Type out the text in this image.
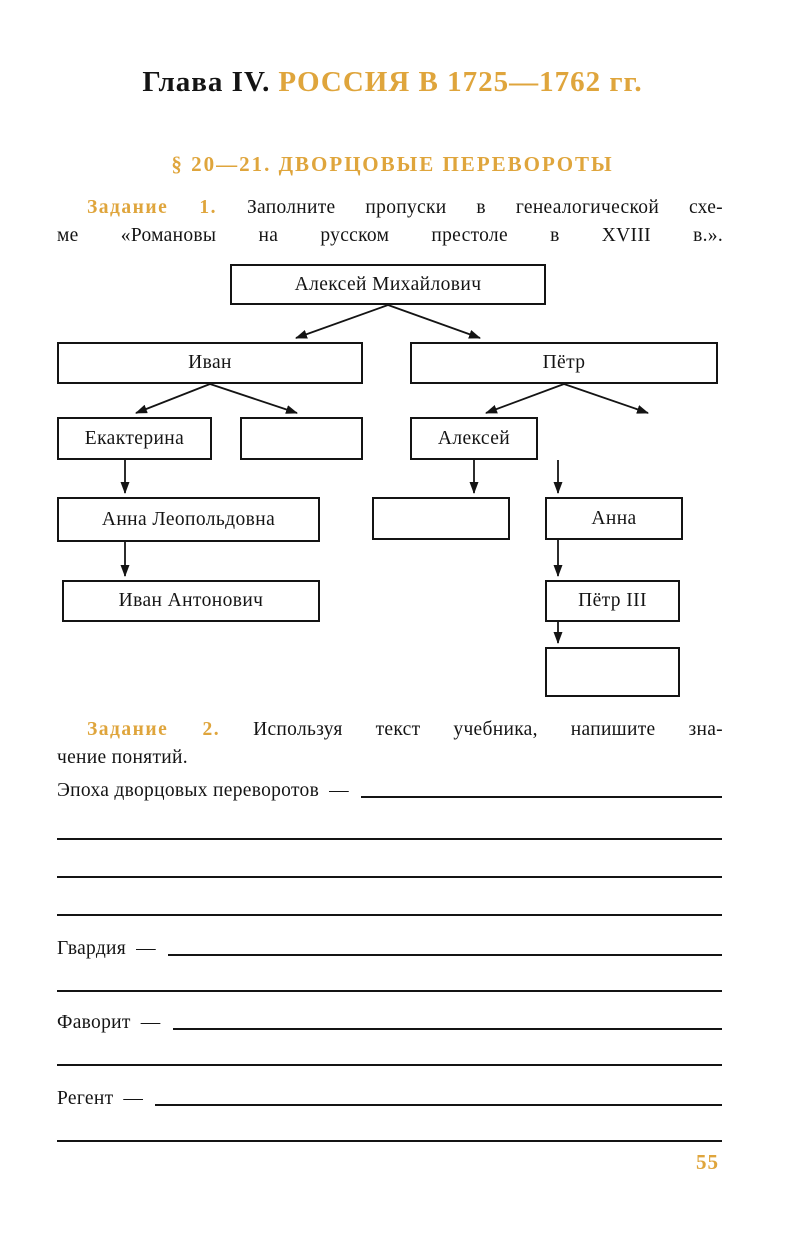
Глава IV. РОССИЯ В 1725—1762 гг.
§ 20—21. ДВОРЦОВЫЕ ПЕРЕВОРОТЫ
Задание 1. Заполните пропуски в генеалогической схе-
ме «Романовы на русском престоле в XVIII в.».
Алексей Михайлович
Иван	Пётр
Екактерина	Алексей
Анна Леопольдовна	Анна
Иван Антонович	Пётр III
Задание 2. Используя текст учебника, напишите зна-
чение понятий.
Эпоха дворцовых переворотов —
Гвардия —
Фаворит —
Регент —
55
